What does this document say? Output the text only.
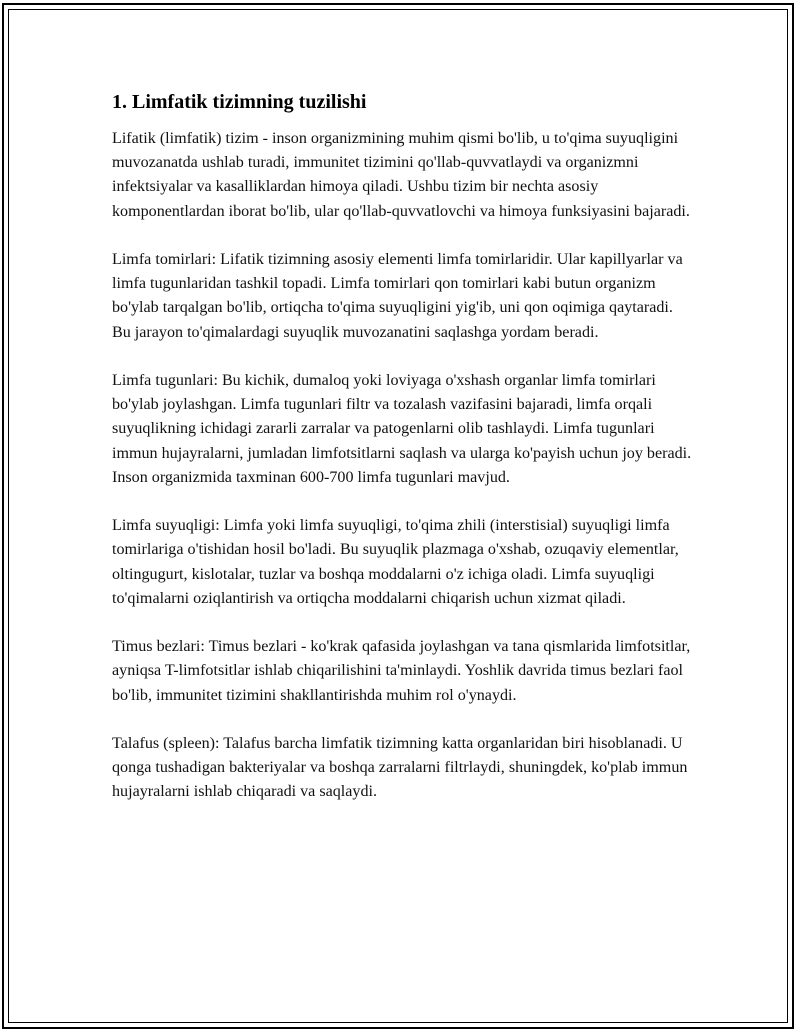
1. Limfatik tizimning tuzilishi

Lifatik (limfatik) tizim - inson organizmining muhim qismi bo'lib, u to'qima suyuqligini muvozanatda ushlab turadi, immunitet tizimini qo'llab-quvvatlaydi va organizmni infektsiyalar va kasalliklardan himoya qiladi. Ushbu tizim bir nechta asosiy komponentlardan iborat bo'lib, ular qo'llab-quvvatlovchi va himoya funksiyasini bajaradi.

Limfa tomirlari: Lifatik tizimning asosiy elementi limfa tomirlaridir. Ular kapillyarlar va limfa tugunlaridan tashkil topadi. Limfa tomirlari qon tomirlari kabi butun organizm bo'ylab tarqalgan bo'lib, ortiqcha to'qima suyuqligini yig'ib, uni qon oqimiga qaytaradi. Bu jarayon to'qimalardagi suyuqlik muvozanatini saqlashga yordam beradi.

Limfa tugunlari: Bu kichik, dumaloq yoki loviyaga o'xshash organlar limfa tomirlari bo'ylab joylashgan. Limfa tugunlari filtr va tozalash vazifasini bajaradi, limfa orqali suyuqlikning ichidagi zararli zarralar va patogenlarni olib tashlaydi. Limfa tugunlari immun hujayralarni, jumladan limfotsitlarni saqlash va ularga ko'payish uchun joy beradi. Inson organizmida taxminan 600-700 limfa tugunlari mavjud.

Limfa suyuqligi: Limfa yoki limfa suyuqligi, to'qima zhili (interstisial) suyuqligi limfa tomirlariga o'tishidan hosil bo'ladi. Bu suyuqlik plazmaga o'xshab, ozuqaviy elementlar, oltingugurt, kislotalar, tuzlar va boshqa moddalarni o'z ichiga oladi. Limfa suyuqligi to'qimalarni oziqlantirish va ortiqcha moddalarni chiqarish uchun xizmat qiladi.

Timus bezlari: Timus bezlari - ko'krak qafasida joylashgan va tana qismlarida limfotsitlar, ayniqsa T-limfotsitlar ishlab chiqarilishini ta'minlaydi. Yoshlik davrida timus bezlari faol bo'lib, immunitet tizimini shakllantirishda muhim rol o'ynaydi.

Talafus (spleen): Talafus barcha limfatik tizimning katta organlaridan biri hisoblanadi. U qonga tushadigan bakteriyalar va boshqa zarralarni filtrlaydi, shuningdek, ko'plab immun hujayralarni ishlab chiqaradi va saqlaydi.
